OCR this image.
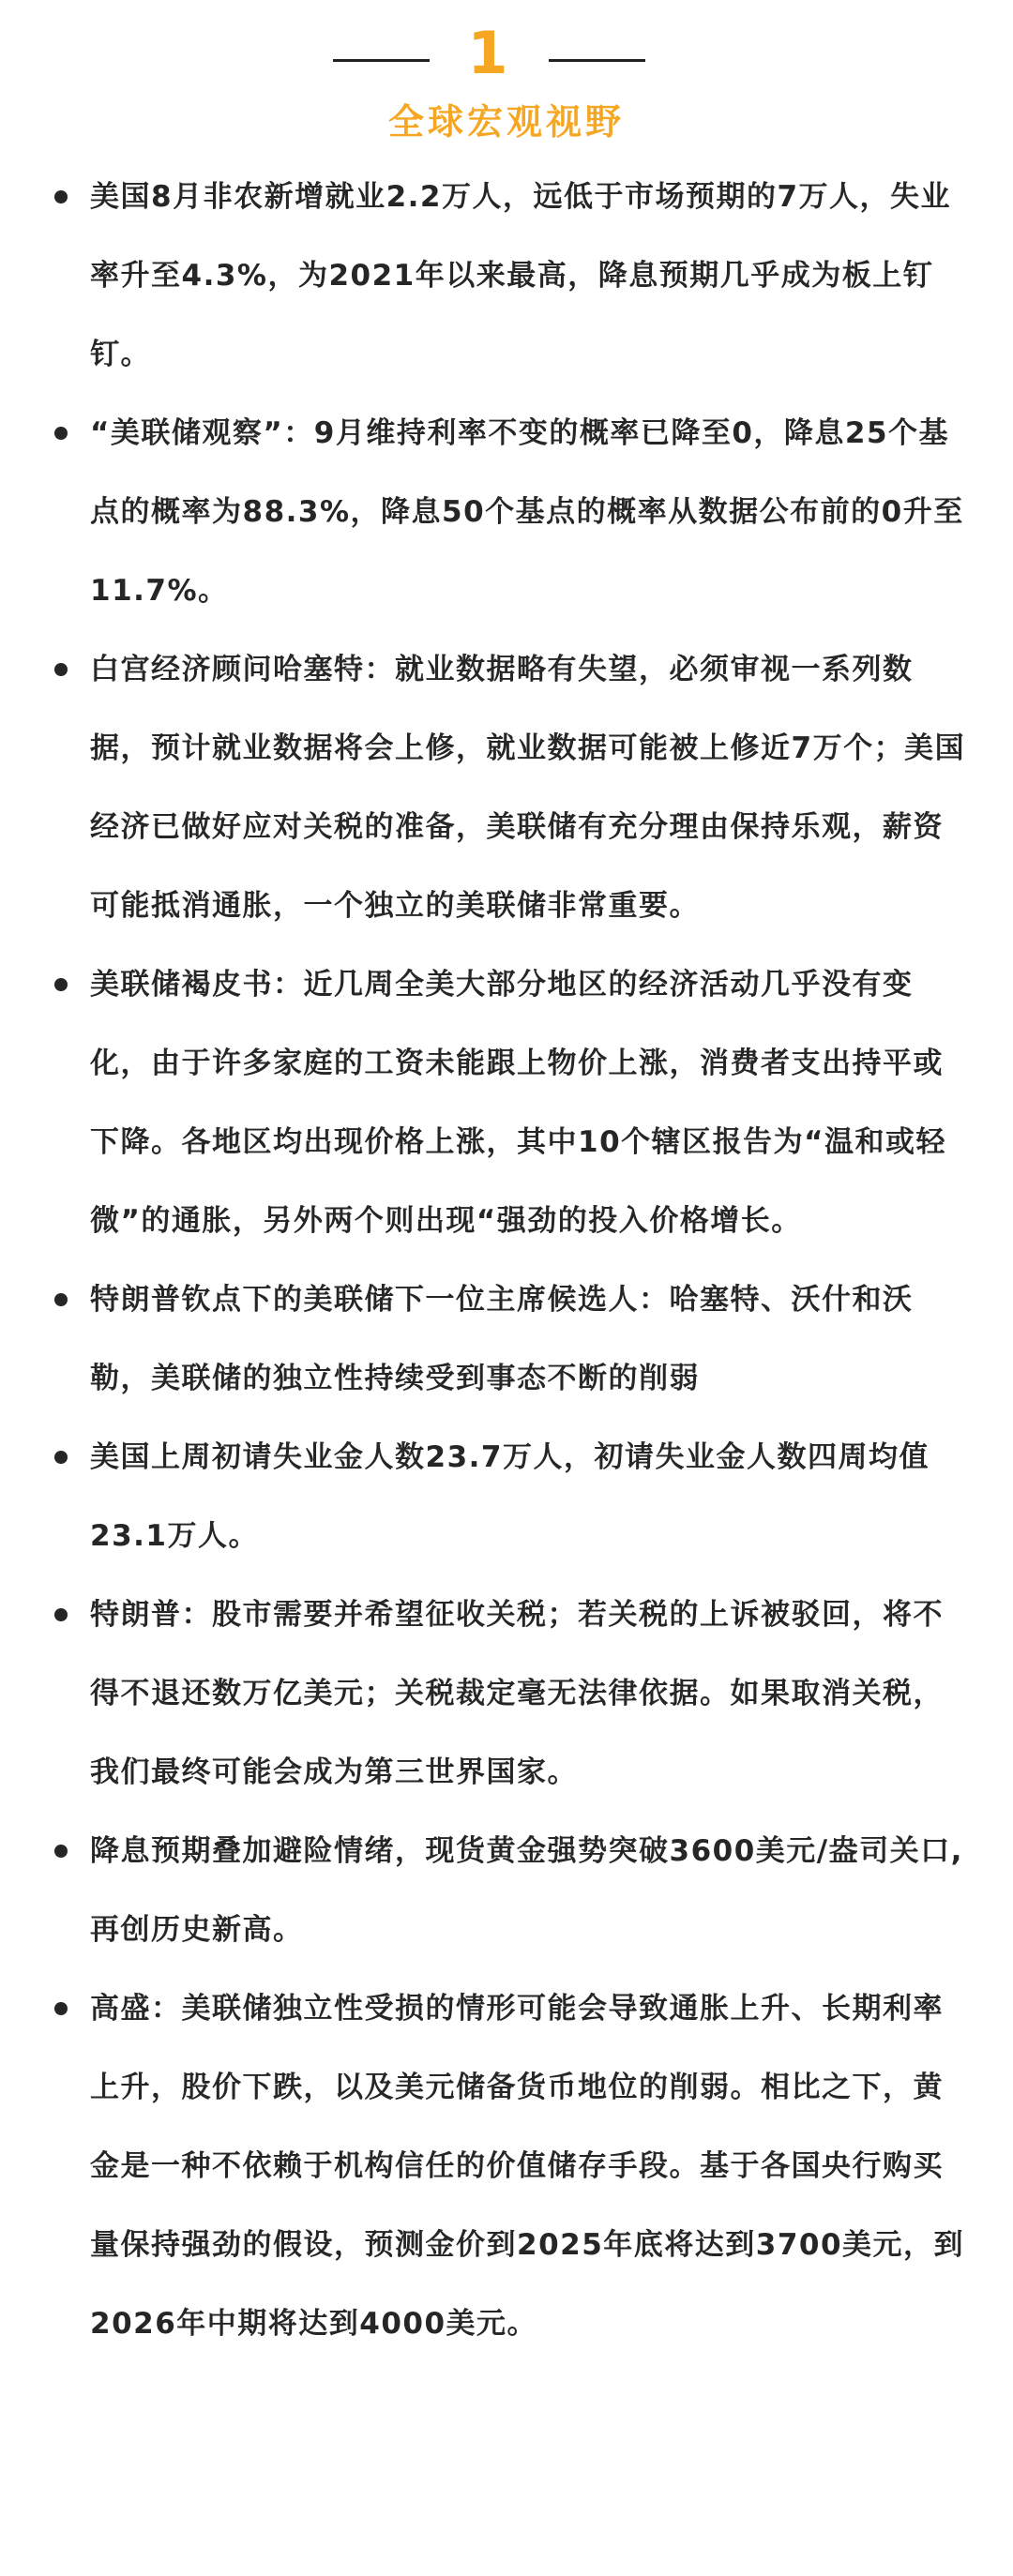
1
全球宏观视野
美国8月非农新增就业2.2万人，远低于市场预期的7万人，失业率升至4.3%，为2021年以来最高，降息预期几乎成为板上钉钉。
“美联储观察”：9月维持利率不变的概率已降至0，降息25个基点的概率为88.3%，降息50个基点的概率从数据公布前的0升至11.7%。
白宫经济顾问哈塞特：就业数据略有失望，必须审视一系列数据，预计就业数据将会上修，就业数据可能被上修近7万个；美国经济已做好应对关税的准备，美联储有充分理由保持乐观，薪资可能抵消通胀，一个独立的美联储非常重要。
美联储褐皮书：近几周全美大部分地区的经济活动几乎没有变化，由于许多家庭的工资未能跟上物价上涨，消费者支出持平或下降。各地区均出现价格上涨，其中10个辖区报告为“温和或轻微”的通胀，另外两个则出现“强劲的投入价格增长。
特朗普钦点下的美联储下一位主席候选人：哈塞特、沃什和沃勒，美联储的独立性持续受到事态不断的削弱
美国上周初请失业金人数23.7万人，初请失业金人数四周均值23.1万人。
特朗普：股市需要并希望征收关税；若关税的上诉被驳回，将不得不退还数万亿美元；关税裁定毫无法律依据。如果取消关税，我们最终可能会成为第三世界国家。
降息预期叠加避险情绪，现货黄金强势突破3600美元/盎司关口, 再创历史新高。
高盛：美联储独立性受损的情形可能会导致通胀上升、长期利率上升，股价下跌，以及美元储备货币地位的削弱。相比之下，黄金是一种不依赖于机构信任的价值储存手段。基于各国央行购买量保持强劲的假设，预测金价到2025年底将达到3700美元，到2026年中期将达到4000美元。
